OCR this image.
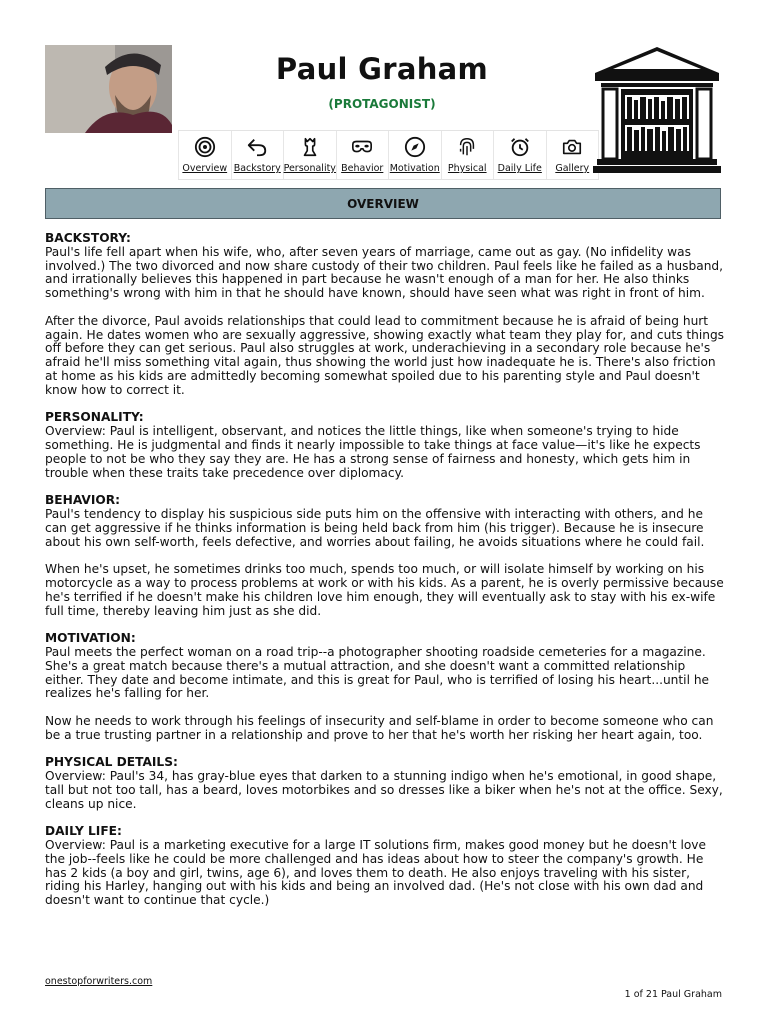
Paul Graham
(PROTAGONIST)
Overview Backstory Personality Behavior Motivation Physical Daily Life Gallery
OVERVIEW
BACKSTORY:

Paul's life fell apart when his wife, who, after seven years of marriage, came out as gay. (No infidelity was involved.) The two divorced and now share custody of their two children. Paul feels like he failed as a husband, and irrationally believes this happened in part because he wasn't enough of a man for her. He also thinks something's wrong with him in that he should have known, should have seen what was right in front of him.

After the divorce, Paul avoids relationships that could lead to commitment because he is afraid of being hurt again. He dates women who are sexually aggressive, showing exactly what team they play for, and cuts things off before they can get serious. Paul also struggles at work, underachieving in a secondary role because he's afraid he'll miss something vital again, thus showing the world just how inadequate he is. There's also friction at home as his kids are admittedly becoming somewhat spoiled due to his parenting style and Paul doesn't know how to correct it.

PERSONALITY:

Overview: Paul is intelligent, observant, and notices the little things, like when someone's trying to hide something. He is judgmental and finds it nearly impossible to take things at face value—it's like he expects people to not be who they say they are. He has a strong sense of fairness and honesty, which gets him in trouble when these traits take precedence over diplomacy.

BEHAVIOR:

Paul's tendency to display his suspicious side puts him on the offensive with interacting with others, and he can get aggressive if he thinks information is being held back from him (his trigger). Because he is insecure about his own self-worth, feels defective, and worries about failing, he avoids situations where he could fail.

When he's upset, he sometimes drinks too much, spends too much, or will isolate himself by working on his motorcycle as a way to process problems at work or with his kids. As a parent, he is overly permissive because he's terrified if he doesn't make his children love him enough, they will eventually ask to stay with his ex-wife full time, thereby leaving him just as she did.

MOTIVATION:

Paul meets the perfect woman on a road trip--a photographer shooting roadside cemeteries for a magazine. She's a great match because there's a mutual attraction, and she doesn't want a committed relationship either. They date and become intimate, and this is great for Paul, who is terrified of losing his heart...until he realizes he's falling for her.

Now he needs to work through his feelings of insecurity and self-blame in order to become someone who can be a true trusting partner in a relationship and prove to her that he's worth her risking her heart again, too.

PHYSICAL DETAILS:

Overview: Paul's 34, has gray-blue eyes that darken to a stunning indigo when he's emotional, in good shape, tall but not too tall, has a beard, loves motorbikes and so dresses like a biker when he's not at the office. Sexy, cleans up nice.

DAILY LIFE:

Overview: Paul is a marketing executive for a large IT solutions firm, makes good money but he doesn't love the job--feels like he could be more challenged and has ideas about how to steer the company's growth. He has 2 kids (a boy and girl, twins, age 6), and loves them to death. He also enjoys traveling with his sister, riding his Harley, hanging out with his kids and being an involved dad. (He's not close with his own dad and doesn't want to continue that cycle.)

onestopforwriters.com
1 of 21 Paul Graham
